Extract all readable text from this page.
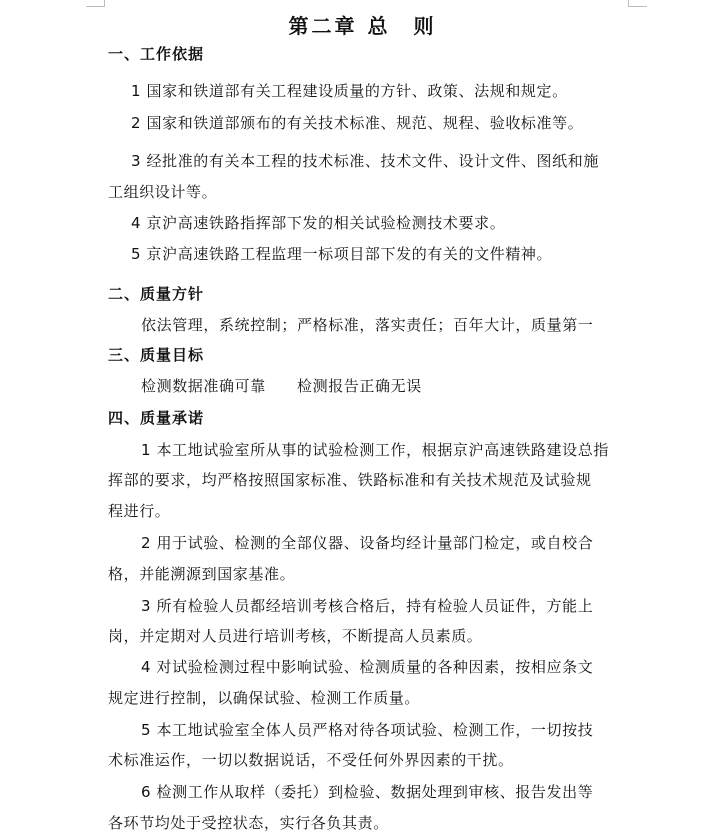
第二章 总　则
一、工作依据
1 国家和铁道部有关工程建设质量的方针、政策、法规和规定。
2 国家和铁道部颁布的有关技术标准、规范、规程、验收标准等。
3 经批准的有关本工程的技术标准、技术文件、设计文件、图纸和施
工组织设计等。
4 京沪高速铁路指挥部下发的相关试验检测技术要求。
5 京沪高速铁路工程监理一标项目部下发的有关的文件精神。
二、质量方针
依法管理，系统控制；严格标准，落实责任；百年大计，质量第一
三、质量目标
检测数据准确可靠　　检测报告正确无误
四、质量承诺
1 本工地试验室所从事的试验检测工作，根据京沪高速铁路建设总指
挥部的要求，均严格按照国家标准、铁路标准和有关技术规范及试验规
程进行。
2 用于试验、检测的全部仪器、设备均经计量部门检定，或自校合
格，并能溯源到国家基准。
3 所有检验人员都经培训考核合格后，持有检验人员证件，方能上
岗，并定期对人员进行培训考核，不断提高人员素质。
4 对试验检测过程中影响试验、检测质量的各种因素，按相应条文
规定进行控制，以确保试验、检测工作质量。
5 本工地试验室全体人员严格对待各项试验、检测工作，一切按技
术标准运作，一切以数据说话，不受任何外界因素的干扰。
6 检测工作从取样（委托）到检验、数据处理到审核、报告发出等
各环节均处于受控状态，实行各负其责。
